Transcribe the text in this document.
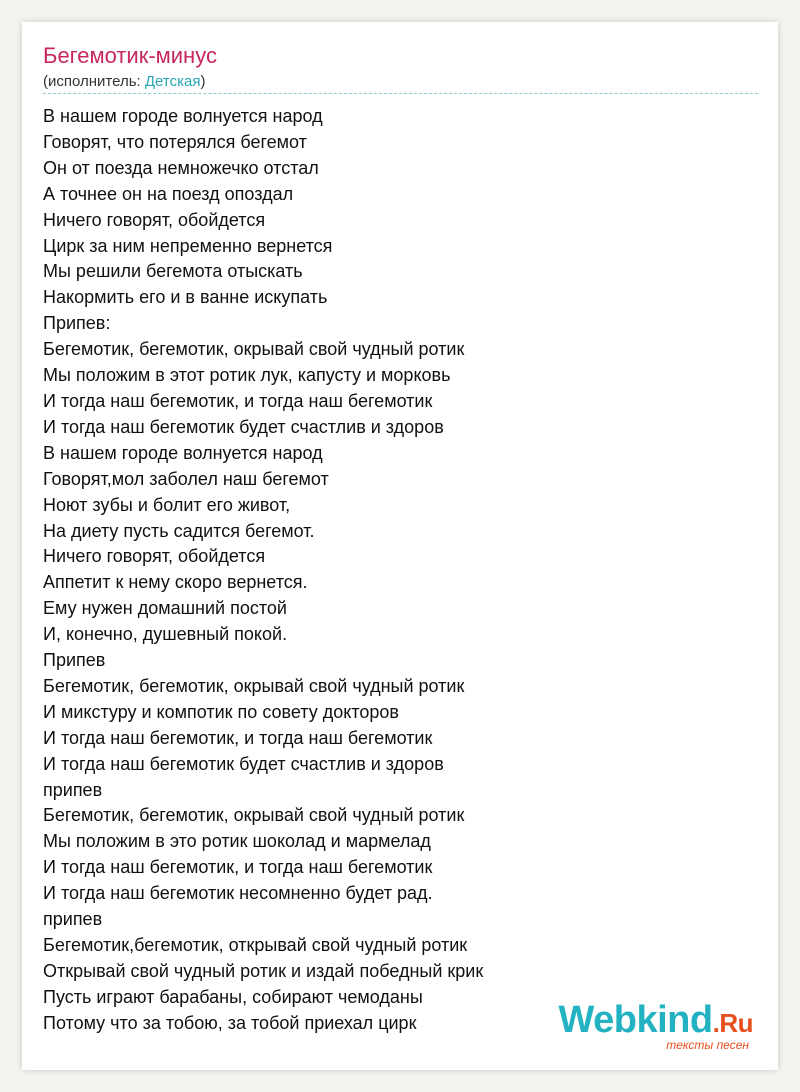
Бегемотик-минус
(исполнитель: Детская)
В нашем городе волнуется народ
Говорят, что потерялся бегемот
Он от поезда немножечко отстал
А точнее он на поезд опоздал
Ничего говорят, обойдется
Цирк за ним непременно вернется
Мы решили бегемота отыскать
Накормить его и в ванне искупать
Припев:
Бегемотик, бегемотик, окрывай свой чудный ротик
Мы положим в этот ротик лук, капусту и морковь
И тогда наш бегемотик, и тогда наш бегемотик
И тогда наш бегемотик будет счастлив и здоров
В нашем городе волнуется народ
Говорят,мол заболел наш бегемот
Ноют зубы и болит его живот,
На диету пусть садится бегемот.
Ничего говорят, обойдется
Аппетит к нему скоро вернется.
Ему нужен домашний постой
И, конечно, душевный покой.
Припев
Бегемотик, бегемотик, окрывай свой чудный ротик
И микстуру и компотик по совету докторов
И тогда наш бегемотик, и тогда наш бегемотик
И тогда наш бегемотик будет счастлив и здоров
припев
Бегемотик, бегемотик, окрывай свой чудный ротик
Мы положим в это ротик шоколад и мармелад
И тогда наш бегемотик, и тогда наш бегемотик
И тогда наш бегемотик несомненно будет рад.
припев
Бегемотик,бегемотик, открывай свой чудный ротик
Открывай свой чудный ротик и издай победный крик
Пусть играют барабаны, собирают чемоданы
Потому что за тобою, за тобой приехал цирк	Webkind.Ru
тексты песен
